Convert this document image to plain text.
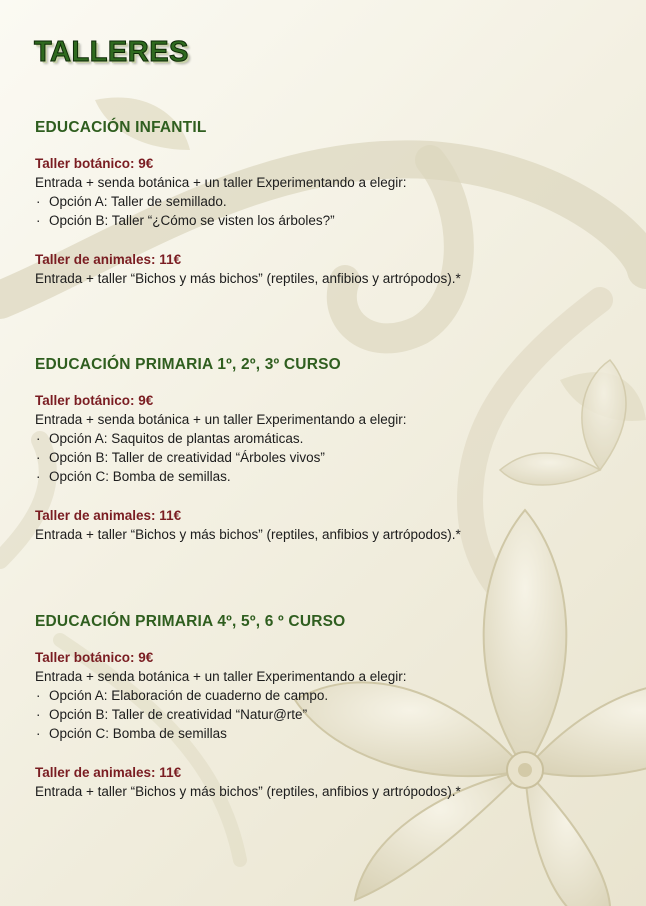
TALLERES
EDUCACIÓN INFANTIL

Taller botánico: 9€

Entrada + senda botánica + un taller Experimentando a elegir:

· Opción A: Taller de semillado.
· Opción B: Taller “¿Cómo se visten los árboles?”

Taller de animales: 11€

Entrada + taller “Bichos y más bichos” (reptiles, anfibios y artrópodos).*

EDUCACIÓN PRIMARIA 1º, 2º, 3º CURSO

Taller botánico: 9€

Entrada + senda botánica + un taller Experimentando a elegir:

· Opción A: Saquitos de plantas aromáticas.
· Opción B: Taller de creatividad “Árboles vivos”
· Opción C: Bomba de semillas.

Taller de animales: 11€

Entrada + taller “Bichos y más bichos” (reptiles, anfibios y artrópodos).*

EDUCACIÓN PRIMARIA 4º, 5º, 6 º CURSO

Taller botánico: 9€

Entrada + senda botánica + un taller Experimentando a elegir:

· Opción A: Elaboración de cuaderno de campo.
· Opción B: Taller de creatividad “Natur@rte”
· Opción C: Bomba de semillas

Taller de animales: 11€

Entrada + taller “Bichos y más bichos” (reptiles, anfibios y artrópodos).*
